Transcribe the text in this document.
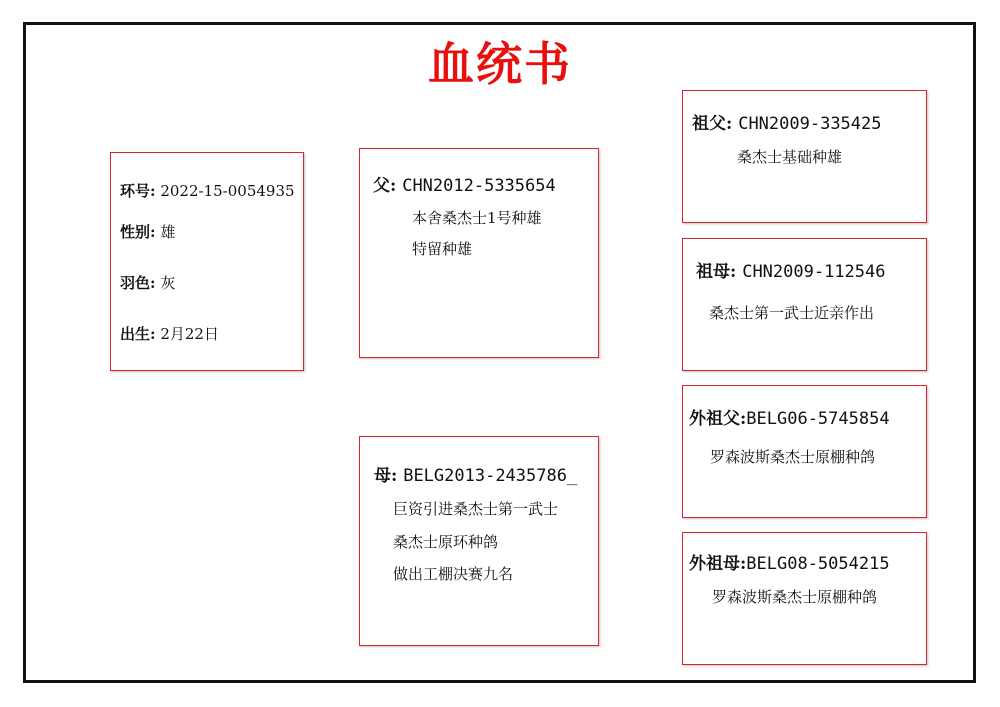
血统书
环号: 2022-15-0054935
性别: 雄
羽色: 灰
出生: 2月22日
父: CHN2012-5335654
本舍桑杰士1号种雄
特留种雄
母: BELG2013-2435786_
巨资引进桑杰士第一武士
桑杰士原环种鸽
做出工棚决赛九名
祖父: CHN2009-335425
桑杰士基础种雄
祖母: CHN2009-112546
桑杰士第一武士近亲作出
外祖父:BELG06-5745854
罗森波斯桑杰士原棚种鸽
外祖母:BELG08-5054215
罗森波斯桑杰士原棚种鸽
